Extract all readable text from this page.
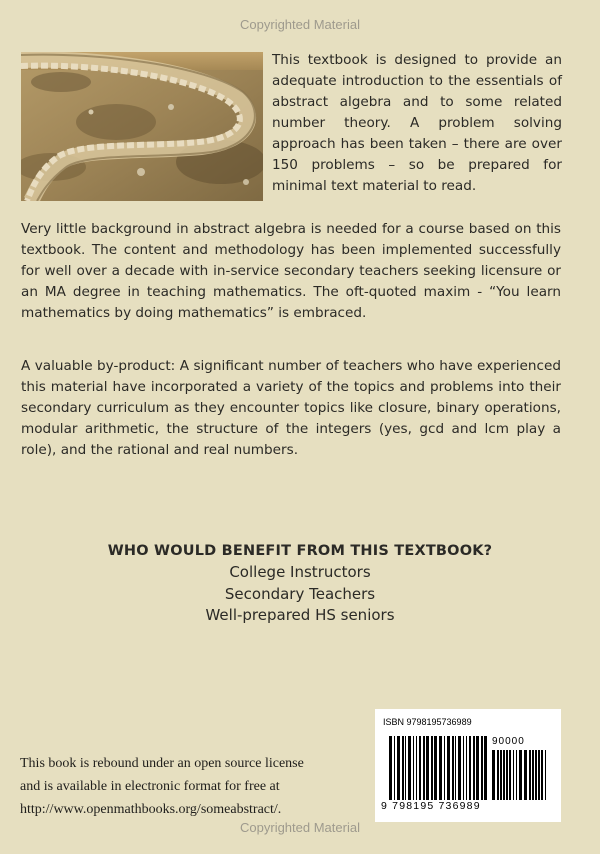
Copyrighted Material

This textbook is designed to provide an adequate introduction to the essentials of abstract algebra and to some related number theory. A problem solving approach has been taken – there are over 150 problems – so be prepared for minimal text material to read.

Very little background in abstract algebra is needed for a course based on this textbook. The content and methodology has been implemented successfully for well over a decade with in-service secondary teachers seeking licensure or an MA degree in teaching mathematics. The oft-quoted maxim - “You learn mathematics by doing mathematics” is embraced.

A valuable by-product: A significant number of teachers who have experienced this material have incorporated a variety of the topics and problems into their secondary curriculum as they encounter topics like closure, binary operations, modular arithmetic, the structure of the integers (yes, gcd and lcm play a role), and the rational and real numbers.

WHO WOULD BENEFIT FROM THIS TEXTBOOK?
College Instructors
Secondary Teachers
Well-prepared HS seniors
This book is rebound under an open source license
and is available in electronic format for free at
http://www.openmathbooks.org/someabstract/.
ISBN 9798195736989
90000
9 798195 736989
Copyrighted Material
